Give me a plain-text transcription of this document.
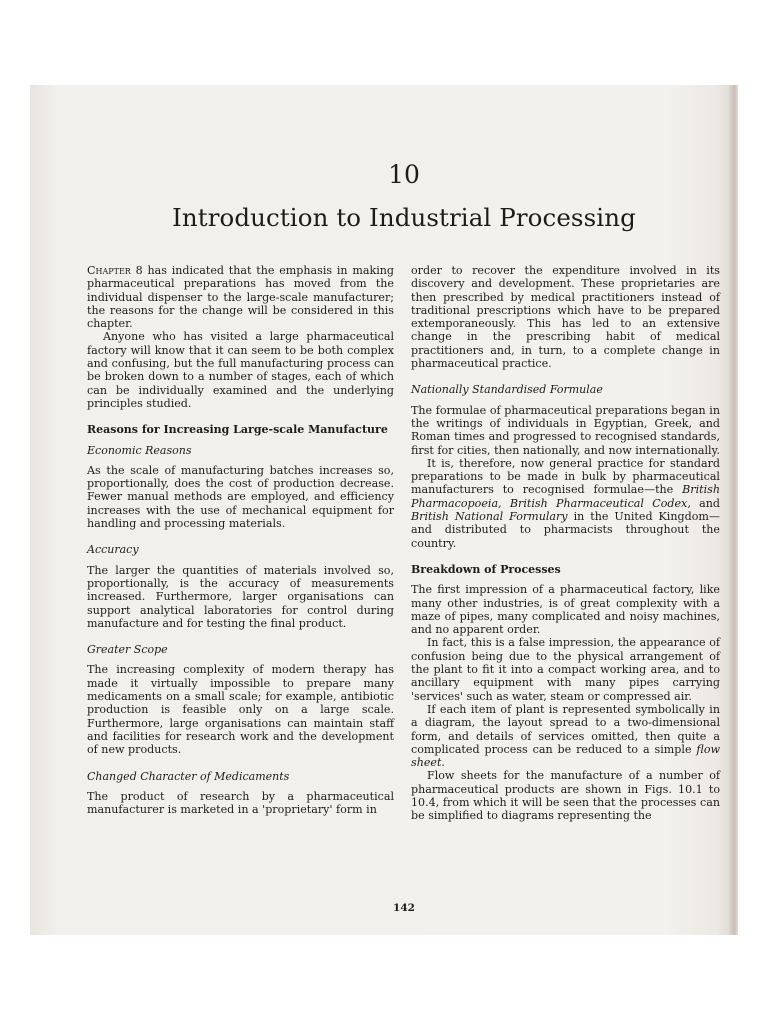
10
Introduction to Industrial Processing

Chapter 8 has indicated that the emphasis in making pharmaceutical preparations has moved from the individual dispenser to the large-scale manufacturer; the reasons for the change will be considered in this chapter.

Anyone who has visited a large pharmaceutical factory will know that it can seem to be both complex and confusing, but the full manufacturing process can be broken down to a number of stages, each of which can be individually examined and the underlying principles studied.

Reasons for Increasing Large-scale Manufacture

Economic Reasons

As the scale of manufacturing batches increases so, proportionally, does the cost of production decrease. Fewer manual methods are employed, and efficiency increases with the use of mechanical equipment for handling and processing materials.

Accuracy

The larger the quantities of materials involved so, proportionally, is the accuracy of measurements increased. Furthermore, larger organisations can support analytical laboratories for control during manufacture and for testing the final product.

Greater Scope

The increasing complexity of modern therapy has made it virtually impossible to prepare many medicaments on a small scale; for example, antibiotic production is feasible only on a large scale. Furthermore, large organisations can maintain staff and facilities for research work and the development of new products.

Changed Character of Medicaments

The product of research by a pharmaceutical manufacturer is marketed in a 'proprietary' form in

order to recover the expenditure involved in its discovery and development. These proprietaries are then prescribed by medical practitioners instead of traditional prescriptions which have to be prepared extemporaneously. This has led to an extensive change in the prescribing habit of medical practitioners and, in turn, to a complete change in pharmaceutical practice.

Nationally Standardised Formulae

The formulae of pharmaceutical preparations began in the writings of individuals in Egyptian, Greek, and Roman times and progressed to recognised standards, first for cities, then nationally, and now internationally.

It is, therefore, now general practice for standard preparations to be made in bulk by pharmaceutical manufacturers to recognised formulae—the British Pharmacopoeia, British Pharmaceutical Codex, and British National Formulary in the United Kingdom—and distributed to pharmacists throughout the country.

Breakdown of Processes

The first impression of a pharmaceutical factory, like many other industries, is of great complexity with a maze of pipes, many complicated and noisy machines, and no apparent order.

In fact, this is a false impression, the appearance of confusion being due to the physical arrangement of the plant to fit it into a compact working area, and to ancillary equipment with many pipes carrying 'services' such as water, steam or compressed air.

If each item of plant is represented symbolically in a diagram, the layout spread to a two-dimensional form, and details of services omitted, then quite a complicated process can be reduced to a simple flow sheet.

Flow sheets for the manufacture of a number of pharmaceutical products are shown in Figs. 10.1 to 10.4, from which it will be seen that the processes can be simplified to diagrams representing the

142
